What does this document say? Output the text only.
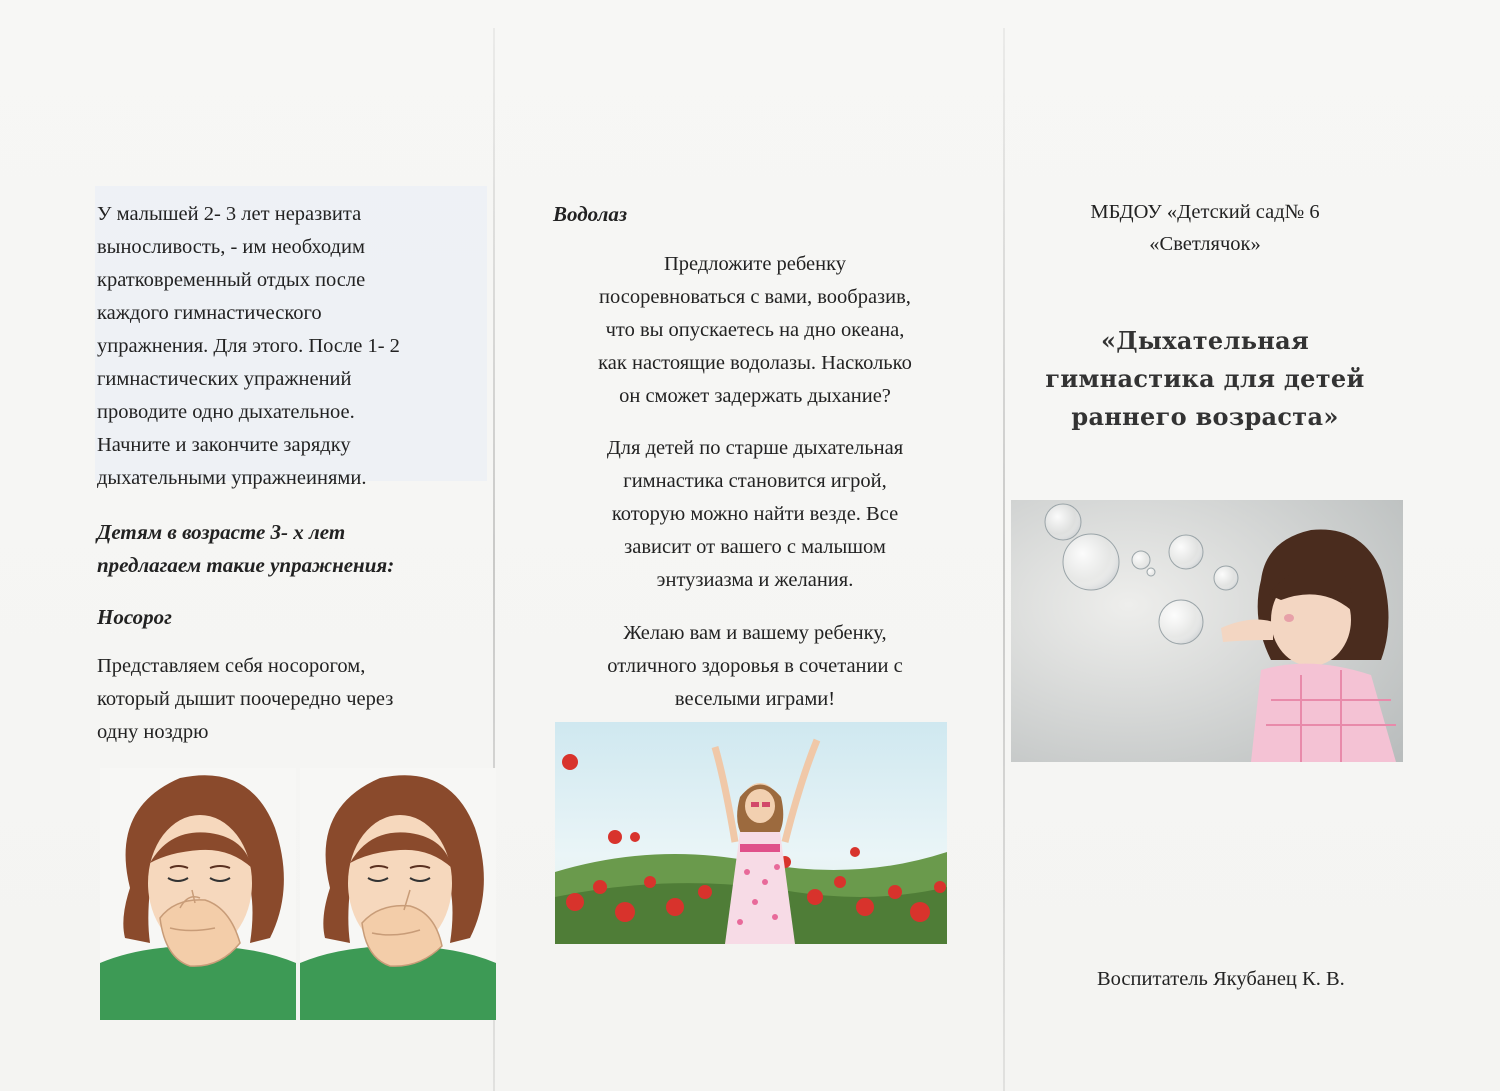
У малышей 2- 3 лет неразвита
выносливость, - им необходим
кратковременный отдых после
каждого гимнастического
упражнения. Для этого. После 1- 2
гимнастических упражнений
проводите одно дыхательное.
Начните и закончите зарядку
дыхательными упражнеинями.
Детям в возрасте 3- х лет
предлагаем такие упражнения:
Носорог
Представляем себя носорогом,
который дышит поочередно через
одну ноздрю
Водолаз
Предложите ребенку
посоревноваться с вами, вообразив,
что вы опускаетесь на дно океана,
как настоящие водолазы. Насколько
он сможет задержать дыхание?
Для детей по старше дыхательная
гимнастика становится игрой,
которую можно найти везде. Все
зависит от вашего с малышом
энтузиазма и желания.
Желаю вам и вашему ребенку,
отличного здоровья в сочетании с
веселыми играми!
МБДОУ «Детский сад№ 6
«Светлячок»
«Дыхательная
гимнастика для детей
раннего возраста»
Воспитатель Якубанец К. В.
